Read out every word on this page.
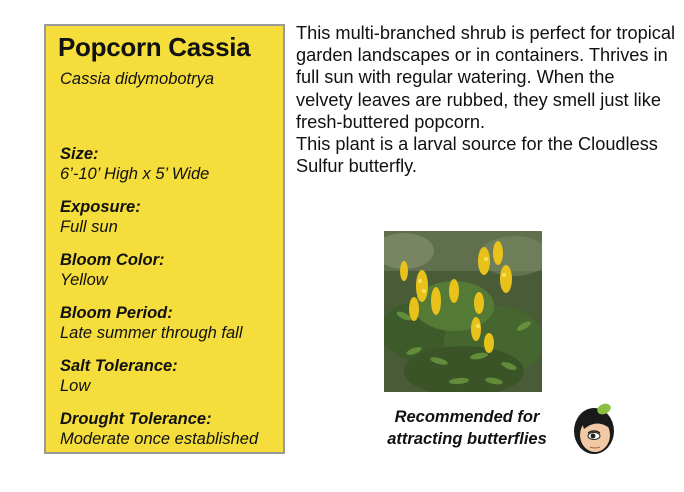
Popcorn Cassia
Cassia didymobotrya
Size:
6’-10’ High x 5’ Wide
Exposure:
Full sun
Bloom Color:
Yellow
Bloom Period:
Late summer through fall
Salt Tolerance:
Low
Drought Tolerance:
Moderate once established

This multi-branched shrub is perfect for tropical garden landscapes or in containers. Thrives in full sun with regular watering. When the velvety leaves are rubbed, they smell just like fresh-buttered popcorn.

This plant is a larval source for the Cloudless Sulfur butterfly.

Recommended for
attracting butterflies
